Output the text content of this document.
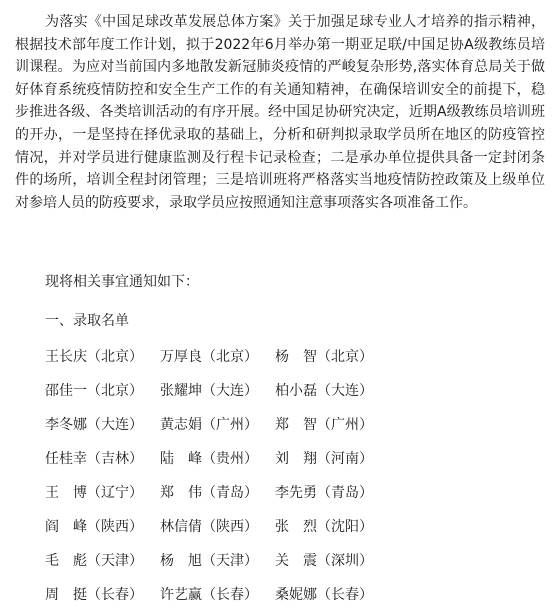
为落实《中国足球改革发展总体方案》关于加强足球专业人才培养的指示精神，根据技术部年度工作计划，拟于2022年6月举办第一期亚足联/中国足协A级教练员培训课程。为应对当前国内多地散发新冠肺炎疫情的严峻复杂形势,落实体育总局关于做好体育系统疫情防控和安全生产工作的有关通知精神，在确保培训安全的前提下，稳步推进各级、各类培训活动的有序开展。经中国足协研究决定，近期A级教练员培训班的开办，一是坚持在择优录取的基础上，分析和研判拟录取学员所在地区的防疫管控情况，并对学员进行健康监测及行程卡记录检查；二是承办单位提供具备一定封闭条件的场所，培训全程封闭管理；三是培训班将严格落实当地疫情防控政策及上级单位对参培人员的防疫要求，录取学员应按照通知注意事项落实各项准备工作。

现将相关事宜通知如下：

一、录取名单

王长庆（北京） 万厚良（北京） 杨　智（北京）
邵佳一（北京） 张耀坤（大连） 柏小磊（大连）
李冬娜（大连） 黄志娟（广州） 郑　智（广州）
任桂幸（吉林） 陆　峰（贵州） 刘　翔（河南）
王　博（辽宁） 郑　伟（青岛） 李先勇（青岛）
阎　峰（陕西） 林信倩（陕西） 张　烈（沈阳）
毛　彪（天津） 杨　旭（天津） 关　震（深圳）
周　挺（长春） 许艺赢（长春） 桑妮娜（长春）
